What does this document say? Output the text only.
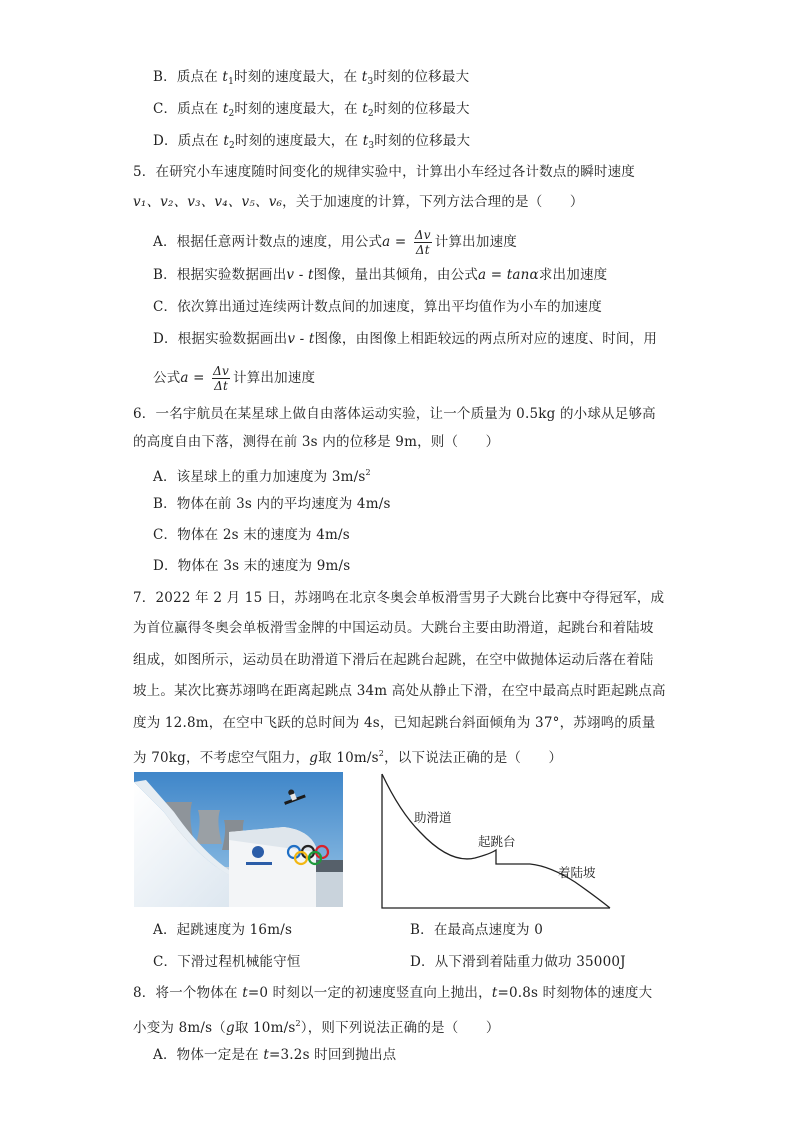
B．质点在 $t_1$时刻的速度最大，在 $t_3$时刻的位移最大
C．质点在 $t_2$时刻的速度最大，在 $t_2$时刻的位移最大
D．质点在 $t_2$时刻的速度最大，在 $t_3$时刻的位移最大
5．在研究小车速度随时间变化的规律实验中，计算出小车经过各计数点的瞬时速度
v₁、v₂、v₃、v₄、v₅、v₆，关于加速度的计算，下列方法合理的是（　　）
A．根据任意两计数点的速度，用公式$a = \frac{\Delta v}{\Delta t}$ 计算出加速度
B．根据实验数据画出v - t图像，量出其倾角，由公式a = tanα求出加速度
C．依次算出通过连续两计数点间的加速度，算出平均值作为小车的加速度
D．根据实验数据画出v - t图像，由图像上相距较远的两点所对应的速度、时间，用
公式$a = \frac{\Delta v}{\Delta t}$ 计算出加速度
6．一名宇航员在某星球上做自由落体运动实验，让一个质量为 0.5kg 的小球从足够高
的高度自由下落，测得在前 3s 内的位移是 9m，则（　　）
A．该星球上的重力加速度为 $3m/s^2$
B．物体在前 3s 内的平均速度为 4m/s
C．物体在 2s 末的速度为 4m/s
D．物体在 3s 末的速度为 9m/s
7．2022 年 2 月 15 日，苏翊鸣在北京冬奥会单板滑雪男子大跳台比赛中夺得冠军，成
为首位赢得冬奥会单板滑雪金牌的中国运动员。大跳台主要由助滑道，起跳台和着陆坡
组成，如图所示，运动员在助滑道下滑后在起跳台起跳，在空中做抛体运动后落在着陆
坡上。某次比赛苏翊鸣在距离起跳点 34m 高处从静止下滑，在空中最高点时距起跳点高
度为 12.8m，在空中飞跃的总时间为 4s，已知起跳台斜面倾角为 37°，苏翊鸣的质量
为 70kg，不考虑空气阻力，g取 $10m/s^2$，以下说法正确的是（　　）
助滑道
起跳台
着陆坡
A．起跳速度为 16m/s	B．在最高点速度为 0
C．下滑过程机械能守恒	D．从下滑到着陆重力做功 35000J
8．将一个物体在 t=0 时刻以一定的初速度竖直向上抛出，t=0.8s 时刻物体的速度大
小变为 8m/s（g取 $10m/s^2$），则下列说法正确的是（　　）
A．物体一定是在 t=3.2s 时回到抛出点
